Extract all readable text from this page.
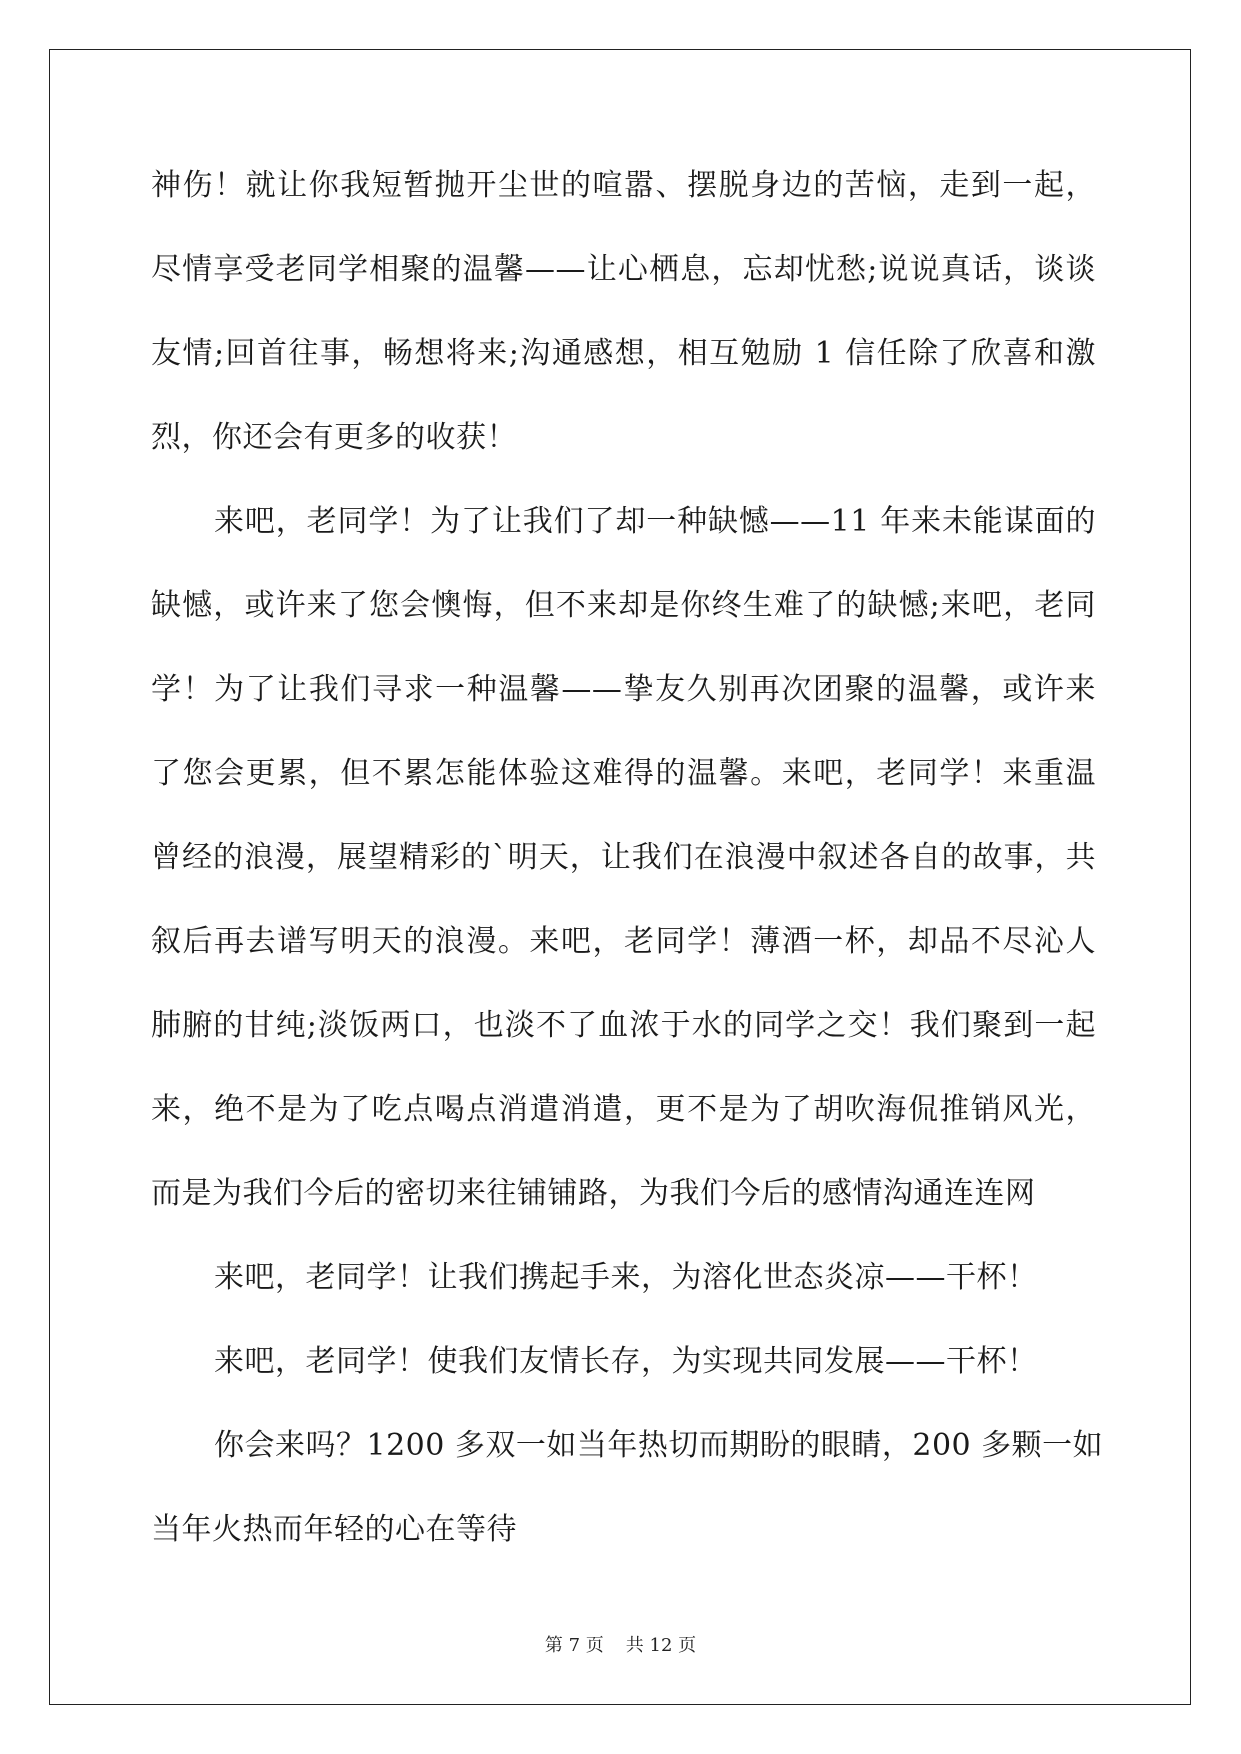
神伤！就让你我短暂抛开尘世的喧嚣、摆脱身边的苦恼，走到一起，
尽情享受老同学相聚的温馨——让心栖息，忘却忧愁;说说真话，谈谈
友情;回首往事，畅想将来;沟通感想，相互勉励 1 信任除了欣喜和激
烈，你还会有更多的收获！
来吧，老同学！为了让我们了却一种缺憾——11 年来未能谋面的
缺憾，或许来了您会懊悔，但不来却是你终生难了的缺憾;来吧，老同
学！为了让我们寻求一种温馨——挚友久别再次团聚的温馨，或许来
了您会更累，但不累怎能体验这难得的温馨。来吧，老同学！来重温
曾经的浪漫，展望精彩的`明天，让我们在浪漫中叙述各自的故事，共
叙后再去谱写明天的浪漫。来吧，老同学！薄酒一杯，却品不尽沁人
肺腑的甘纯;淡饭两口，也淡不了血浓于水的同学之交！我们聚到一起
来，绝不是为了吃点喝点消遣消遣，更不是为了胡吹海侃推销风光，
而是为我们今后的密切来往铺铺路，为我们今后的感情沟通连连网
来吧，老同学！让我们携起手来，为溶化世态炎凉——干杯！
来吧，老同学！使我们友情长存，为实现共同发展——干杯！
你会来吗？1200 多双一如当年热切而期盼的眼睛，200 多颗一如
当年火热而年轻的心在等待
第 7 页 共 12 页
